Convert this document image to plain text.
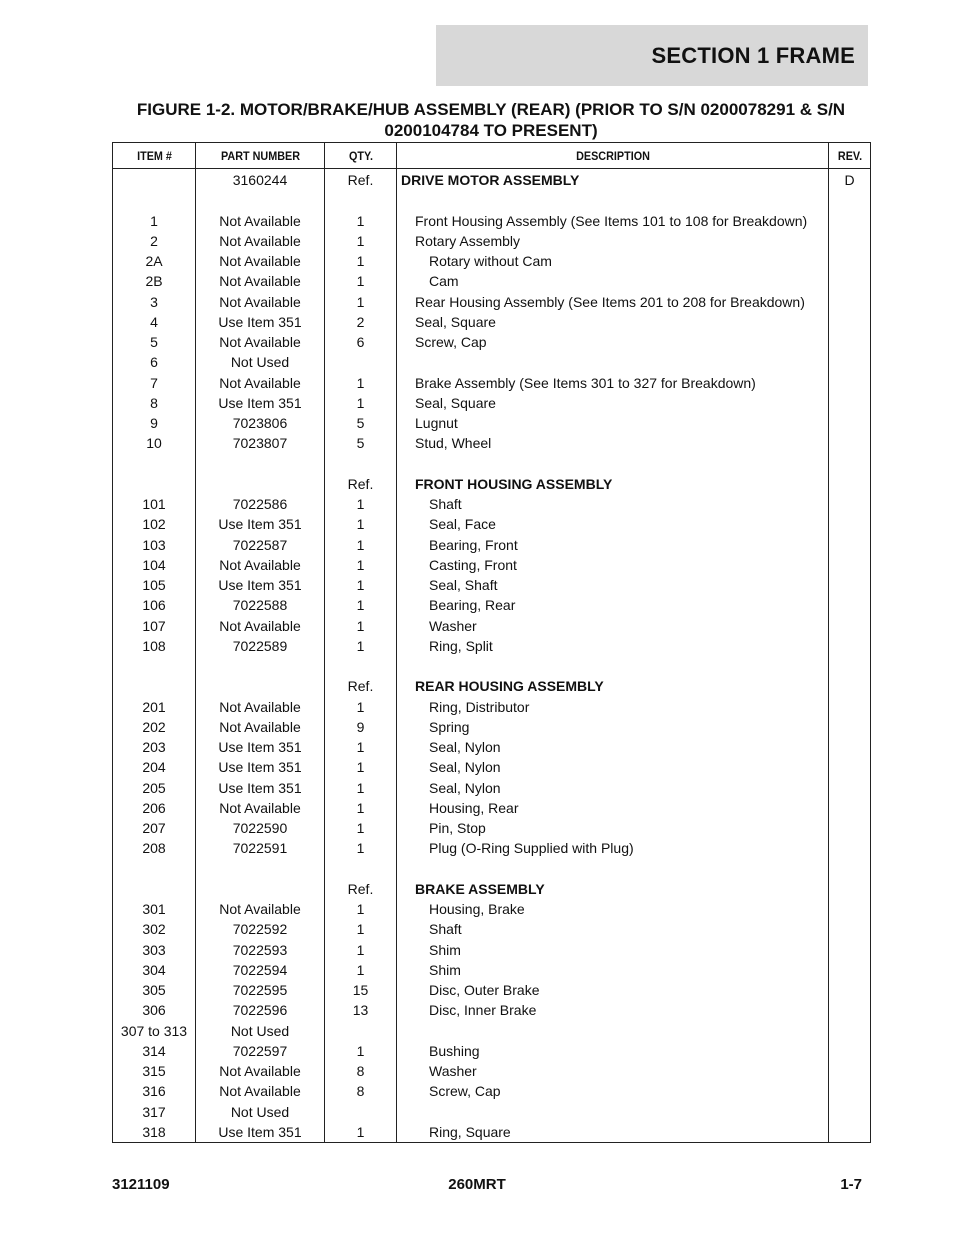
SECTION 1 FRAME
FIGURE 1-2. MOTOR/BRAKE/HUB ASSEMBLY (REAR) (PRIOR TO S/N 0200078291 & S/N 0200104784 TO PRESENT)
ITEM #	PART NUMBER	QTY.	DESCRIPTION	REV.
	3160244	Ref.	DRIVE MOTOR ASSEMBLY	D

1	Not Available	1	Front Housing Assembly (See Items 101 to 108 for Breakdown)	
2	Not Available	1	Rotary Assembly	
2A	Not Available	1	Rotary without Cam	
2B	Not Available	1	Cam	
3	Not Available	1	Rear Housing Assembly (See Items 201 to 208 for Breakdown)	
4	Use Item 351	2	Seal, Square	
5	Not Available	6	Screw, Cap	
6	Not Used			
7	Not Available	1	Brake Assembly (See Items 301 to 327 for Breakdown)	
8	Use Item 351	1	Seal, Square	
9	7023806	5	Lugnut	
10	7023807	5	Stud, Wheel	

		Ref.	FRONT HOUSING ASSEMBLY	
101	7022586	1	Shaft	
102	Use Item 351	1	Seal, Face	
103	7022587	1	Bearing, Front	
104	Not Available	1	Casting, Front	
105	Use Item 351	1	Seal, Shaft	
106	7022588	1	Bearing, Rear	
107	Not Available	1	Washer	
108	7022589	1	Ring, Split	

		Ref.	REAR HOUSING ASSEMBLY	
201	Not Available	1	Ring, Distributor	
202	Not Available	9	Spring	
203	Use Item 351	1	Seal, Nylon	
204	Use Item 351	1	Seal, Nylon	
205	Use Item 351	1	Seal, Nylon	
206	Not Available	1	Housing, Rear	
207	7022590	1	Pin, Stop	
208	7022591	1	Plug (O-Ring Supplied with Plug)	

		Ref.	BRAKE ASSEMBLY	
301	Not Available	1	Housing, Brake	
302	7022592	1	Shaft	
303	7022593	1	Shim	
304	7022594	1	Shim	
305	7022595	15	Disc, Outer Brake	
306	7022596	13	Disc, Inner Brake	
307 to 313	Not Used			
314	7022597	1	Bushing	
315	Not Available	8	Washer	
316	Not Available	8	Screw, Cap	
317	Not Used			
318	Use Item 351	1	Ring, Square	
3121109	260MRT	1-7
